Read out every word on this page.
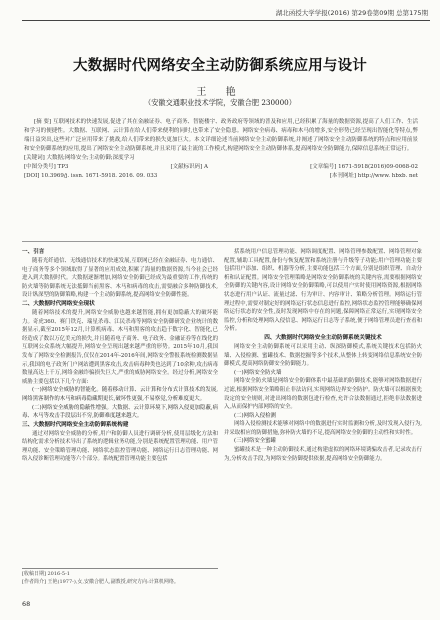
湖北函授大学学报(2016) 第29卷第09期 总第175期
大数据时代网络安全主动防御系统应用与设计
王 艳
（安徽交通职业技术学院，安徽合肥 230000）

[摘 要] 互联网技术的快速发展,促进了其在金融证券、电子商务、智能楼宇、政务政府等领域的普及和应用,已经积累了海量的数据资源,提高了人们工作、生活和学习的便捷性。大数据、互联网、云计算在给人们带来便利的同时,也带来了安全隐患。网络安全病毒、病毒和木马的增多,安全形势已经呈现出智能化等特点,弊端日益突出,这些对广泛应用带来了挑战,给人们带来的损失更加巨大。本文详细论述当前网络安全主动防御系统,并阐述了网络安全主动防御系统的特点和应用前景和安全防御系统的应用,提出了网络安全主动防御系统,并且采用了最主流的工作模式,构建网络安全主动防御体系,提高网络安全防御能力,保障信息系统正常运行。

[关键词] 大数据;网络安全;主动防御;深度学习
[中图分类号] TP3	[文献标识码] A	[文章编号] 1671-5918(2016)09-0068-02
[DOI] 10.3969/j. issn. 1671-5918. 2016. 09. 033	[本刊网址] http://www. hbxb. net
一、引言

随着光纤通信、无线通信技术的快速发展,互联网已经在金融证券、电力通信、电子商务等多个领域取得了显著的应用成效,积累了海量的数据资源,当今社会已经进入到大数据时代。大数据逐渐增加,网络安全防御已经成为最重要的工作,传统的防火墙等防御系统无法抵御当前黑客、木马和病毒的攻击,需要融合多种防御技术,设计纵深型的防御策略,构建一个主动防御系统,提高网络安全防御性能。

二、大数据时代网络安全现状

随着网络技术的提升,网络安全威胁也越来越智能,拥有更加隐蔽大的破坏能力。奇虎360、赛门铁克、瑞星杀毒、江民杀毒等网络安全防御研发企业统计的数据显示,截至2015年12月,计算机病毒、木马和黑客的攻击趋于数字化、智能化,已经造成了数以万亿美元的损失,并且随着电子商务、电子政务、金融证券等在线化的互联网公众系统大幅提升,网络安全呈现出越来越严重的形势。2015年10月,我国发布了网络安全检测报告,仅仅在2014年-2016年间,网络安全警报系统检测数据显示,我国的电子政务门户网站遭到黑客攻击,攻击病毒种类也达到了10余种,攻击病毒数量高达上千万,网络金融诈骗损失巨大,严重的威胁网络安全。经过分析,网络安全威胁主要包括以下几个方面:

(一)网络安全威胁的智能化。随着移动计算、云计算和分布式计算技术的发展,网络黑客制作的木马和病毒隐藏期更长,破坏性更强,不易察觉,分析难度更大。
(二)网络安全威胁的隐蔽性增强。大数据、云计算环境下,网络入侵更加隐蔽,病毒、木马等攻击手段层出不穷,防御难度越来越大。
三、大数据时代网络安全主动防御系统构建

通过对网络安全威胁的分析,用户和防御人员进行调研分析,使用层级化方法和结构化需求分析技术导出了系统的逻辑业务功能,分别是系统配置管理功能、用户管理功能、安全策略管理功能、网络状态监控管理功能、网络运行日志管理功能、网络入侵诊断管理功能等六个部分。系统配置管理功能主要包括

括系统用户信息管理功能、网络调度配置、网络管理参数配置、网络管理对象配置,辅助工具配置,备份与恢复配置和系统注册与升级等子功能;用户管理功能主要包括用户添加、组织、机器等分析,主要功能包括三个方面,分别是组织管理、自动分析和认证配置。网络安全管理策略是网络安全防御系统的关键内容,需要根据网络安全防御的关键内容,设计网络安全防御策略,可以使用户实时使用网络资源,根据网络状态进行用户认证、流量过滤、行为审计、内容审计、策略分析管理。网络运行管理过程中,需要对制定好的网络运行状态信息进行监控,网络状态监控管理能够确保网络运行状态的安全性,及时发现网络中存在的问题,保障网络正常运行,实现网络安全监控,分析和处理网络入侵信息、网络运行日志等子系统,便于网络管理员进行查看和分析。

四、大数据时代网络安全主动防御系统关键技术

网络安全主动防御系统可以采用主动、纵深防御模式,系统关键技术包括防火墙、入侵检测、蜜罐技术、数据挖掘等多个技术,从整体上转变网络信息系统安全防御模式,提高网络防御安全防御能力。

(一)网络安全防火墙

网络安全防火墙是网络安全防御体系中最基础的防御技术,能够对网络数据进行过滤,根据网络安全策略阻止非法访问,实现网络边界安全防护。防火墙可以根据预先设定的安全规则,对进出网络的数据包进行检查,允许合法数据通过,拒绝非法数据进入,从而保护内部网络的安全。

(二)网络入侵检测

网络入侵检测技术能够对网络中的数据进行实时监测和分析,及时发现入侵行为,并采取相应的防御措施,弥补防火墙的不足,提高网络安全防御的主动性和实时性。

(三)网络安全蜜罐

蜜罐技术是一种主动防御技术,通过构建虚拟的网络环境诱骗攻击者,记录攻击行为,分析攻击手段,为网络安全防御提供依据,提高网络安全防御能力。

[收稿日期] 2016-5-1
[作者简介] 王艳(1977-),女,安徽合肥人,副教授,研究方向:计算机网络。
68
